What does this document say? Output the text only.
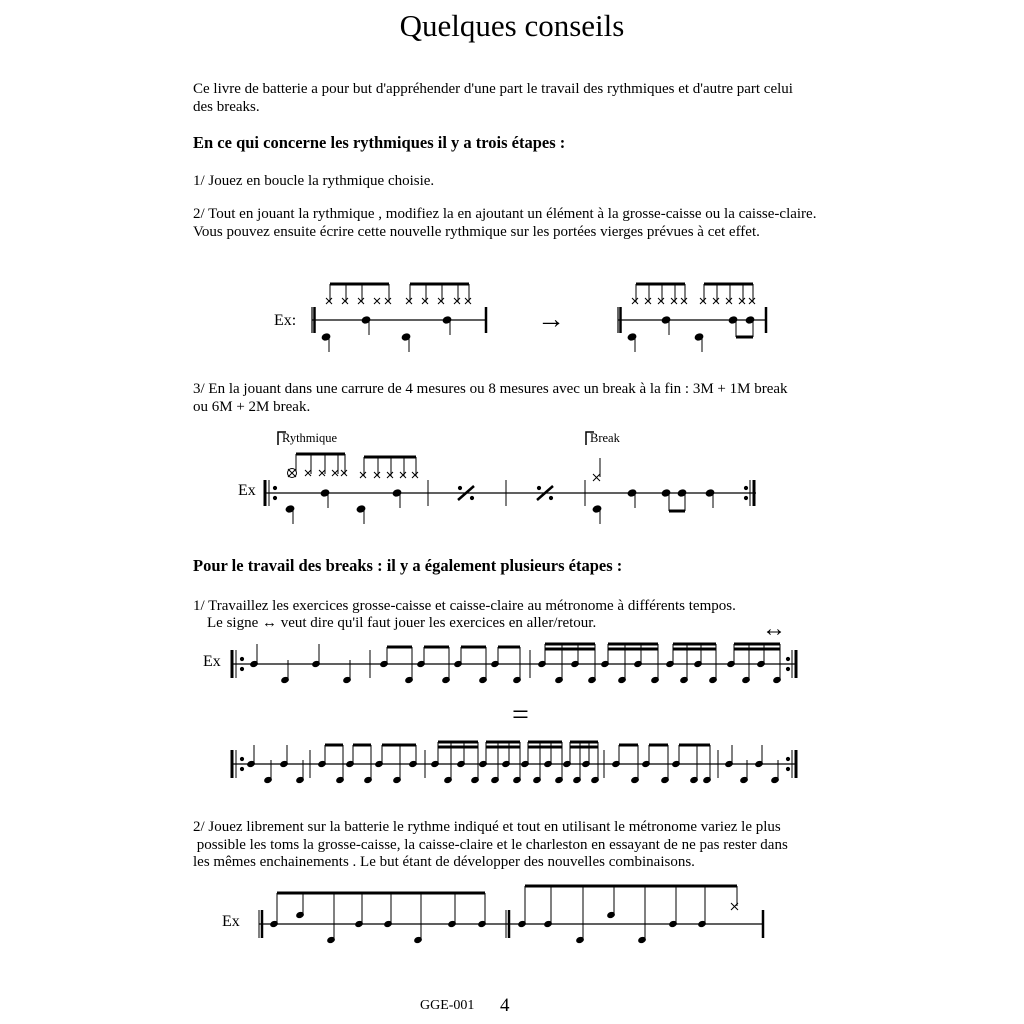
Quelques conseils
Ce livre de batterie a pour but d'appréhender d'une part le travail des rythmiques et d'autre part celui
des breaks.
En ce qui concerne les rythmiques il y a trois étapes :
1/ Jouez en boucle la rythmique choisie.
2/ Tout en jouant la rythmique , modifiez la en ajoutant un élément à la grosse-caisse ou la caisse-claire.
Vous pouvez ensuite écrire cette nouvelle rythmique sur les portées vierges prévues à cet effet.
Ex:	→
3/ En la jouant dans une carrure de 4 mesures ou 8 mesures avec un break à la fin : 3M + 1M break
ou 6M + 2M break.
Rythmique	Break
Ex
Pour le travail des breaks : il y a également plusieurs étapes :
1/ Travaillez les exercices grosse-caisse et caisse-claire au métronome à différents tempos.
Le signe ↔ veut dire qu'il faut jouer les exercices en aller/retour.	↔
Ex
=
2/ Jouez librement sur la batterie le rythme indiqué et tout en utilisant le métronome variez le plus
possible les toms la grosse-caisse, la caisse-claire et le charleston en essayant de ne pas rester dans
les mêmes enchainements . Le but étant de développer des nouvelles combinaisons.
Ex
GGE-001 4
